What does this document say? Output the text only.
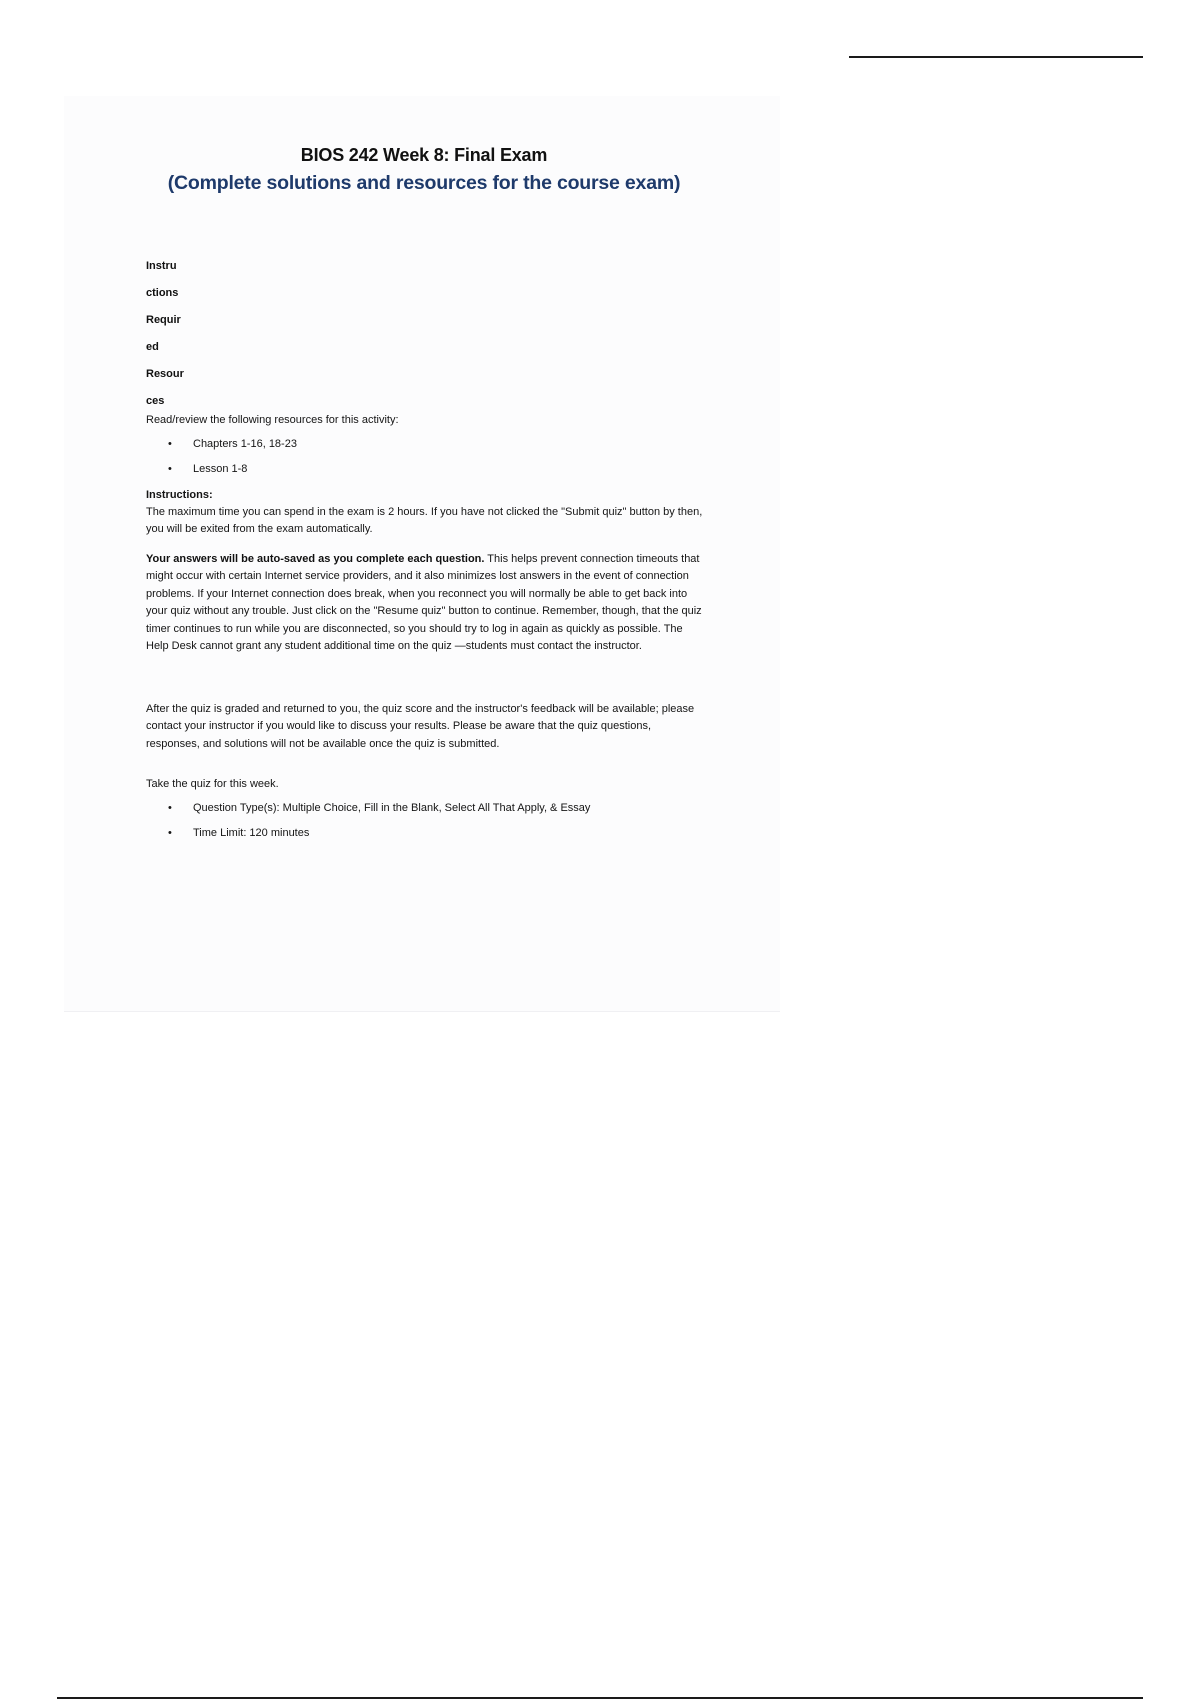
BIOS 242 Week 8: Final Exam
(Complete solutions and resources for the course exam)

Instru

ctions

Requir

ed

Resour

ces

Read/review the following resources for this activity:

• Chapters 1-16, 18-23
• Lesson 1-8

Instructions:

The maximum time you can spend in the exam is 2 hours. If you have not clicked the "Submit quiz" button by then, you will be exited from the exam automatically.

Your answers will be auto-saved as you complete each question. This helps prevent connection timeouts that might occur with certain Internet service providers, and it also minimizes lost answers in the event of connection problems. If your Internet connection does break, when you reconnect you will normally be able to get back into your quiz without any trouble. Just click on the "Resume quiz" button to continue. Remember, though, that the quiz timer continues to run while you are disconnected, so you should try to log in again as quickly as possible. The Help Desk cannot grant any student additional time on the quiz —students must contact the instructor.

After the quiz is graded and returned to you, the quiz score and the instructor's feedback will be available; please contact your instructor if you would like to discuss your results. Please be aware that the quiz questions, responses, and solutions will not be available once the quiz is submitted.

Take the quiz for this week.

• Question Type(s): Multiple Choice, Fill in the Blank, Select All That Apply, & Essay
• Time Limit: 120 minutes
